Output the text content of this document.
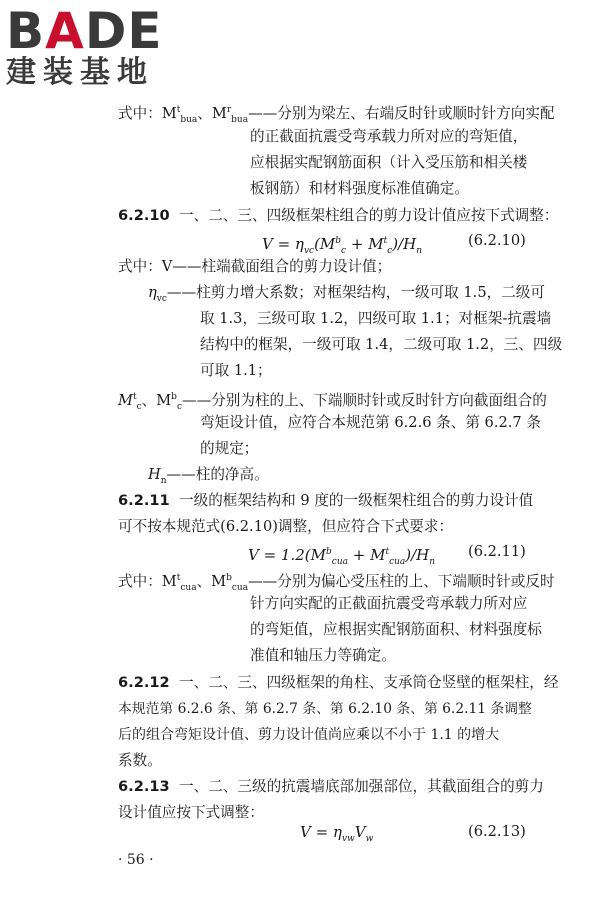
BADE
建装基地
式中：$M^t_{bua}$、$M^r_{bua}——$分别为梁左、右端反时针或顺时针方向实配
的正截面抗震受弯承载力所对应的弯矩值，
应根据实配钢筋面积（计入受压筋和相关楼
板钢筋）和材料强度标准值确定。
6.2.10 一、二、三、四级框架柱组合的剪力设计值应按下式调整：
$V = \eta_{vc}(M^b_c + M^t_c)/H_n$
(6.2.10)
式中：V——柱端截面组合的剪力设计值；
$\eta_{vc}——$柱剪力增大系数；对框架结构，一级可取 1.5，二级可
取 1.3，三级可取 1.2，四级可取 1.1；对框架-抗震墙
结构中的框架，一级可取 1.4，二级可取 1.2，三、四级
可取 1.1；
$M^t_c$、$M^b_c——$分别为柱的上、下端顺时针或反时针方向截面组合的
弯矩设计值，应符合本规范第 6.2.6 条、第 6.2.7 条
的规定；
$H_n——$柱的净高。
6.2.11 一级的框架结构和 9 度的一级框架柱组合的剪力设计值
可不按本规范式(6.2.10)调整，但应符合下式要求：
$V = 1.2(M^b_{cua} + M^t_{cua})/H_n$
(6.2.11)
式中：$M^t_{cua}$、$M^b_{cua}——$分别为偏心受压柱的上、下端顺时针或反时
针方向实配的正截面抗震受弯承载力所对应
的弯矩值，应根据实配钢筋面积、材料强度标
准值和轴压力等确定。
6.2.12 一、二、三、四级框架的角柱、支承筒仓竖壁的框架柱，经
本规范第 6.2.6 条、第 6.2.7 条、第 6.2.10 条、第 6.2.11 条调整
后的组合弯矩设计值、剪力设计值尚应乘以不小于 1.1 的增大
系数。
6.2.13 一、二、三级的抗震墙底部加强部位，其截面组合的剪力
设计值应按下式调整：
$V = \eta_{vw}V_w$	(6.2.13)
· 56 ·
